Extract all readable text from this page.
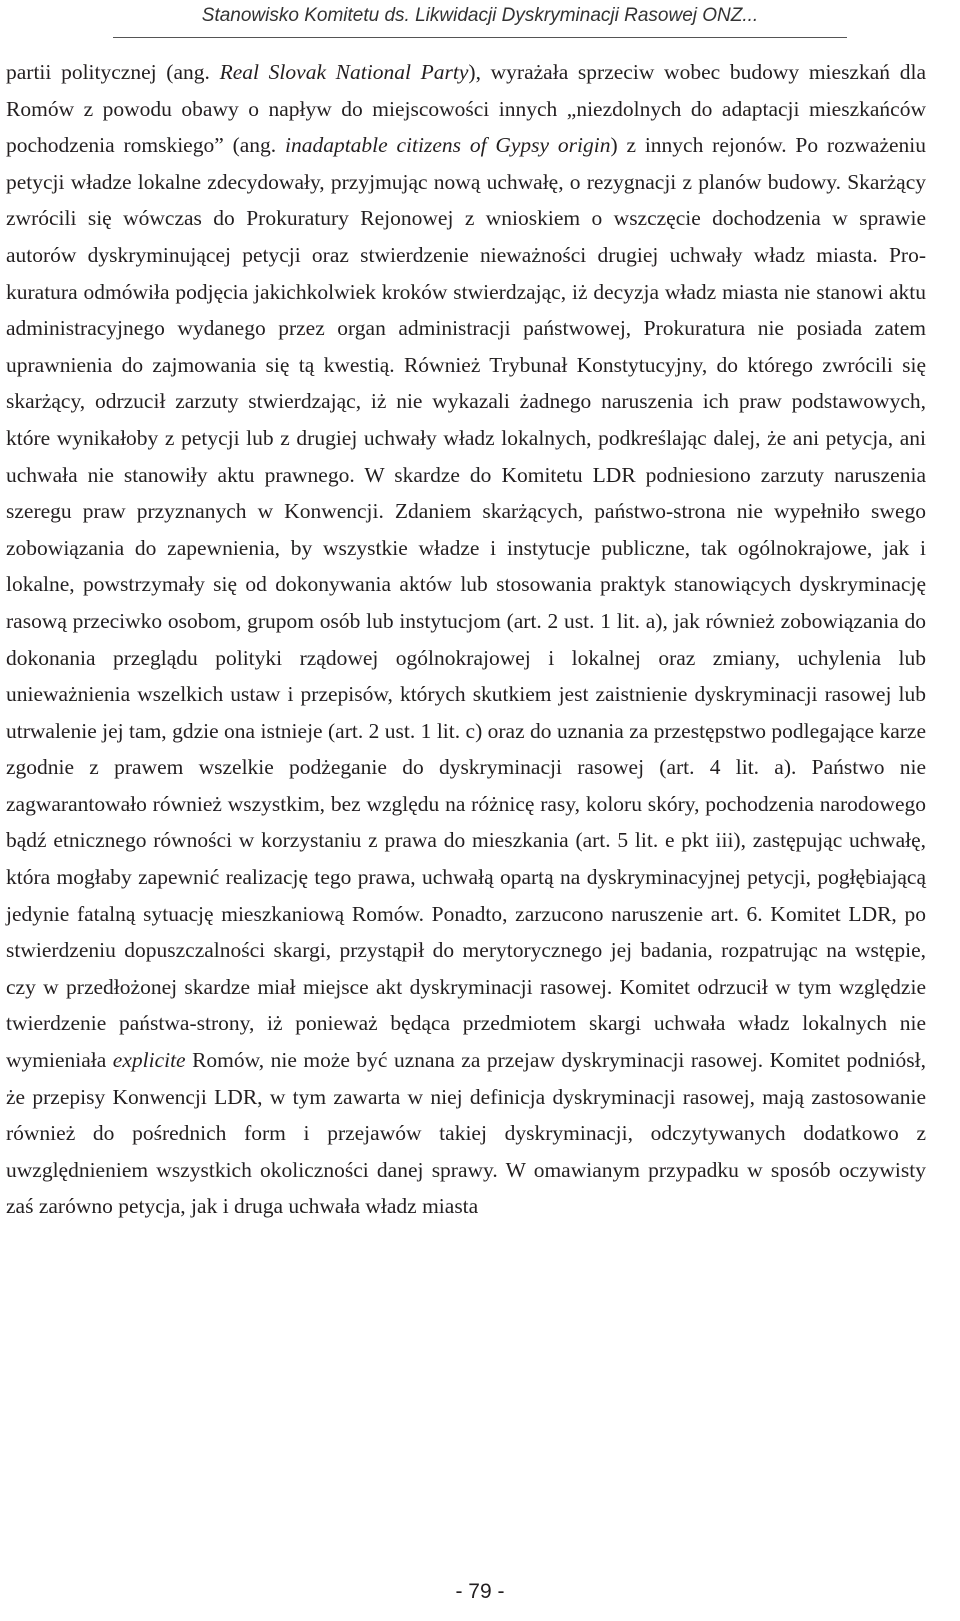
Stanowisko Komitetu ds. Likwidacji Dyskryminacji Rasowej ONZ...

partii politycznej (ang. Real Slovak National Party), wyrażała sprzeciw wobec budowy mieszkań dla Romów z powodu obawy o napływ do miejscowości innych „niezdolnych do adaptacji mieszkańców pochodzenia romskiego” (ang. inadaptable citizens of Gypsy origin) z innych rejonów. Po rozważeniu petycji władze lokalne zdecydowały, przyjmując nową uchwałę, o rezygnacji z planów budowy. Skarżący zwrócili się wówczas do Prokuratury Rejonowej z wnioskiem o wszczęcie dochodzenia w sprawie autorów dyskryminującej petycji oraz stwierdzenie nieważności drugiej uchwały władz miasta. Prokuratura odmówiła podjęcia jakichkolwiek kroków stwierdzając, iż decyzja władz miasta nie stanowi aktu administracyjnego wydanego przez organ administracji państwowej, Prokuratura nie posiada zatem uprawnienia do zajmowania się tą kwestią. Również Trybunał Konstytucyjny, do którego zwrócili się skarżący, odrzucił zarzuty stwierdzając, iż nie wykazali żadnego naruszenia ich praw podstawowych, które wynikałoby z petycji lub z drugiej uchwały władz lokalnych, podkreślając dalej, że ani petycja, ani uchwała nie stanowiły aktu prawnego. W skardze do Komitetu LDR podniesiono zarzuty naruszenia szeregu praw przyznanych w Konwencji. Zdaniem skarżących, państwo-strona nie wypełniło swego zobowiązania do zapewnienia, by wszystkie władze i instytucje publiczne, tak ogólnokrajowe, jak i lokalne, powstrzymały się od dokonywania aktów lub stosowania praktyk stanowiących dyskryminację rasową przeciwko osobom, grupom osób lub instytucjom (art. 2 ust. 1 lit. a), jak również zobowiązania do dokonania przeglądu polityki rządowej ogólnokrajowej i lokalnej oraz zmiany, uchylenia lub unieważnienia wszelkich ustaw i przepisów, których skutkiem jest zaistnienie dyskryminacji rasowej lub utrwalenie jej tam, gdzie ona istnieje (art. 2 ust. 1 lit. c) oraz do uznania za przestępstwo podlegające karze zgodnie z prawem wszelkie podżeganie do dyskryminacji rasowej (art. 4 lit. a). Państwo nie zagwarantowało również wszystkim, bez względu na różnicę rasy, koloru skóry, pochodzenia narodowego bądź etnicznego równości w korzystaniu z prawa do mieszkania (art. 5 lit. e pkt iii), zastępując uchwałę, która mogłaby zapewnić realizację tego prawa, uchwałą opartą na dyskryminacyjnej petycji, pogłębiającą jedynie fatalną sytuację mieszkaniową Romów. Ponadto, zarzucono naruszenie art. 6. Komitet LDR, po stwierdzeniu dopuszczalności skargi, przystąpił do merytorycznego jej badania, rozpatrując na wstępie, czy w przedłożonej skardze miał miejsce akt dyskryminacji rasowej. Komitet odrzucił w tym względzie twierdzenie państwa-strony, iż ponieważ będąca przedmiotem skargi uchwała władz lokalnych nie wymieniała explicite Romów, nie może być uznana za przejaw dyskryminacji rasowej. Komitet podniósł, że przepisy Konwencji LDR, w tym zawarta w niej definicja dyskryminacji rasowej, mają zastosowanie również do pośrednich form i przejawów takiej dyskryminacji, odczytywanych dodatkowo z uwzględnieniem wszystkich okoliczności danej sprawy. W omawianym przypadku w sposób oczywisty zaś zarówno petycja, jak i druga uchwała władz miasta

- 79 -
